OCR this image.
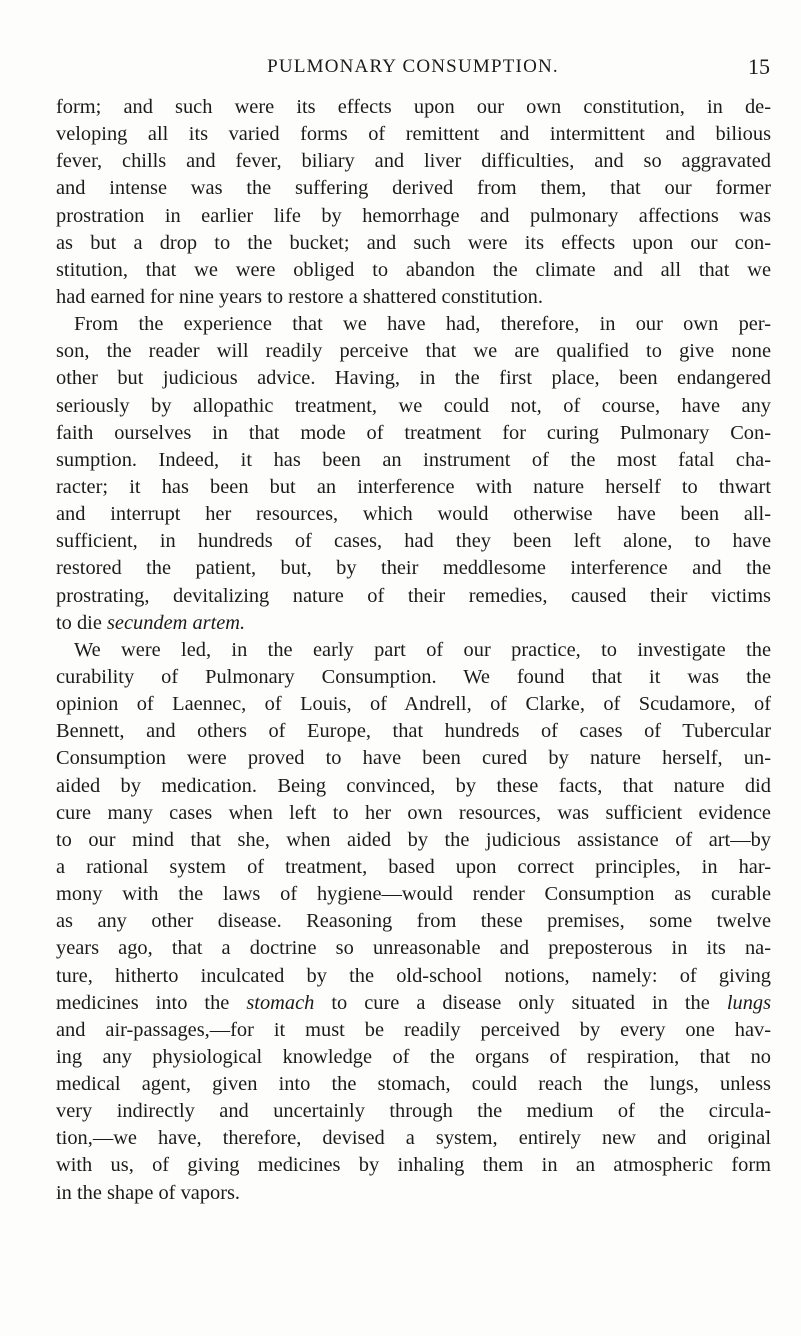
PULMONARY CONSUMPTION.	15
form; and such were its effects upon our own constitution, in de-
veloping all its varied forms of remittent and intermittent and bilious
fever, chills and fever, biliary and liver difficulties, and so aggravated
and intense was the suffering derived from them, that our former
prostration in earlier life by hemorrhage and pulmonary affections was
as but a drop to the bucket; and such were its effects upon our con-
stitution, that we were obliged to abandon the climate and all that we
had earned for nine years to restore a shattered constitution.
From the experience that we have had, therefore, in our own per-
son, the reader will readily perceive that we are qualified to give none
other but judicious advice. Having, in the first place, been endangered
seriously by allopathic treatment, we could not, of course, have any
faith ourselves in that mode of treatment for curing Pulmonary Con-
sumption. Indeed, it has been an instrument of the most fatal cha-
racter; it has been but an interference with nature herself to thwart
and interrupt her resources, which would otherwise have been all-
sufficient, in hundreds of cases, had they been left alone, to have
restored the patient, but, by their meddlesome interference and the
prostrating, devitalizing nature of their remedies, caused their victims
to die secundem artem.
We were led, in the early part of our practice, to investigate the
curability of Pulmonary Consumption. We found that it was the
opinion of Laennec, of Louis, of Andrell, of Clarke, of Scudamore, of
Bennett, and others of Europe, that hundreds of cases of Tubercular
Consumption were proved to have been cured by nature herself, un-
aided by medication. Being convinced, by these facts, that nature did
cure many cases when left to her own resources, was sufficient evidence
to our mind that she, when aided by the judicious assistance of art—by
a rational system of treatment, based upon correct principles, in har-
mony with the laws of hygiene—would render Consumption as curable
as any other disease. Reasoning from these premises, some twelve
years ago, that a doctrine so unreasonable and preposterous in its na-
ture, hitherto inculcated by the old-school notions, namely: of giving
medicines into the stomach to cure a disease only situated in the lungs
and air-passages,—for it must be readily perceived by every one hav-
ing any physiological knowledge of the organs of respiration, that no
medical agent, given into the stomach, could reach the lungs, unless
very indirectly and uncertainly through the medium of the circula-
tion,—we have, therefore, devised a system, entirely new and original
with us, of giving medicines by inhaling them in an atmospheric form
in the shape of vapors.
